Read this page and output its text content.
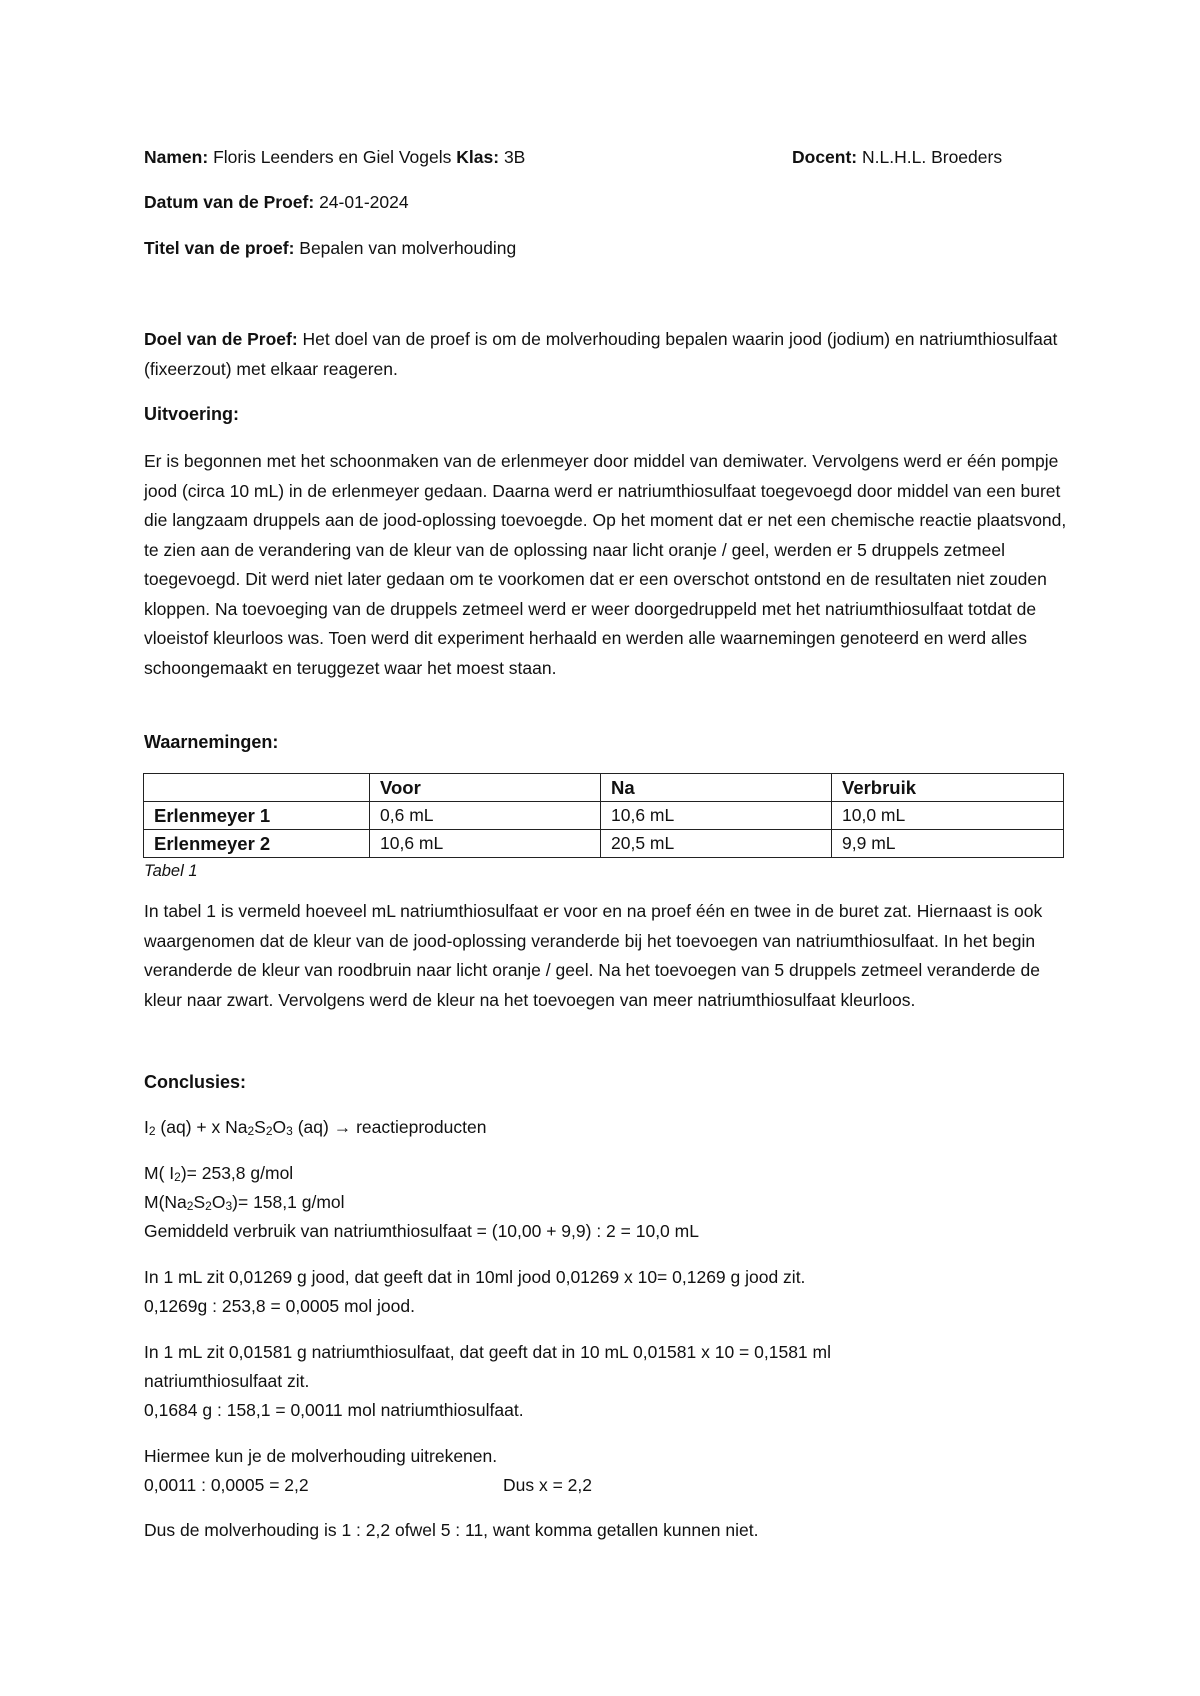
Namen: Floris Leenders en Giel Vogels Klas: 3B	Docent: N.L.H.L. Broeders
Datum van de Proef: 24-01-2024
Titel van de proef: Bepalen van molverhouding
Doel van de Proef: Het doel van de proef is om de molverhouding bepalen waarin jood (jodium) en natriumthiosulfaat (fixeerzout) met elkaar reageren.
Uitvoering:
Er is begonnen met het schoonmaken van de erlenmeyer door middel van demiwater. Vervolgens werd er één pompje jood (circa 10 mL) in de erlenmeyer gedaan. Daarna werd er natriumthiosulfaat toegevoegd door middel van een buret die langzaam druppels aan de jood-oplossing toevoegde. Op het moment dat er net een chemische reactie plaatsvond, te zien aan de verandering van de kleur van de oplossing naar licht oranje / geel, werden er 5 druppels zetmeel toegevoegd. Dit werd niet later gedaan om te voorkomen dat er een overschot ontstond en de resultaten niet zouden kloppen. Na toevoeging van de druppels zetmeel werd er weer doorgedruppeld met het natriumthiosulfaat totdat de vloeistof kleurloos was. Toen werd dit experiment herhaald en werden alle waarnemingen genoteerd en werd alles schoongemaakt en teruggezet waar het moest staan.
Waarnemingen:
	Voor	Na	Verbruik
Erlenmeyer 1	0,6 mL	10,6 mL	10,0 mL
Erlenmeyer 2	10,6 mL	20,5 mL	9,9 mL
Tabel 1
In tabel 1 is vermeld hoeveel mL natriumthiosulfaat er voor en na proef één en twee in de buret zat. Hiernaast is ook waargenomen dat de kleur van de jood-oplossing veranderde bij het toevoegen van natriumthiosulfaat. In het begin veranderde de kleur van roodbruin naar licht oranje / geel. Na het toevoegen van 5 druppels zetmeel veranderde de kleur naar zwart. Vervolgens werd de kleur na het toevoegen van meer natriumthiosulfaat kleurloos.
Conclusies:
$I_2$ (aq) + x $Na_2S_2O_3$ (aq) → reactieproducten
M( $I_2)= 253,8$ g/mol
$M(Na_2S_2O_3)= 158,1$ g/mol
Gemiddeld verbruik van natriumthiosulfaat = (10,00 + 9,9) : 2 = 10,0 mL
In 1 mL zit 0,01269 g jood, dat geeft dat in 10ml jood 0,01269 x 10= 0,1269 g jood zit.
0,1269g : 253,8 = 0,0005 mol jood.
In 1 mL zit 0,01581 g natriumthiosulfaat, dat geeft dat in 10 mL 0,01581 x 10 = 0,1581 ml
natriumthiosulfaat zit.
0,1684 g : 158,1 = 0,0011 mol natriumthiosulfaat.
Hiermee kun je de molverhouding uitrekenen.
0,0011 : 0,0005 = 2,2	Dus x = 2,2
Dus de molverhouding is 1 : 2,2 ofwel 5 : 11, want komma getallen kunnen niet.
